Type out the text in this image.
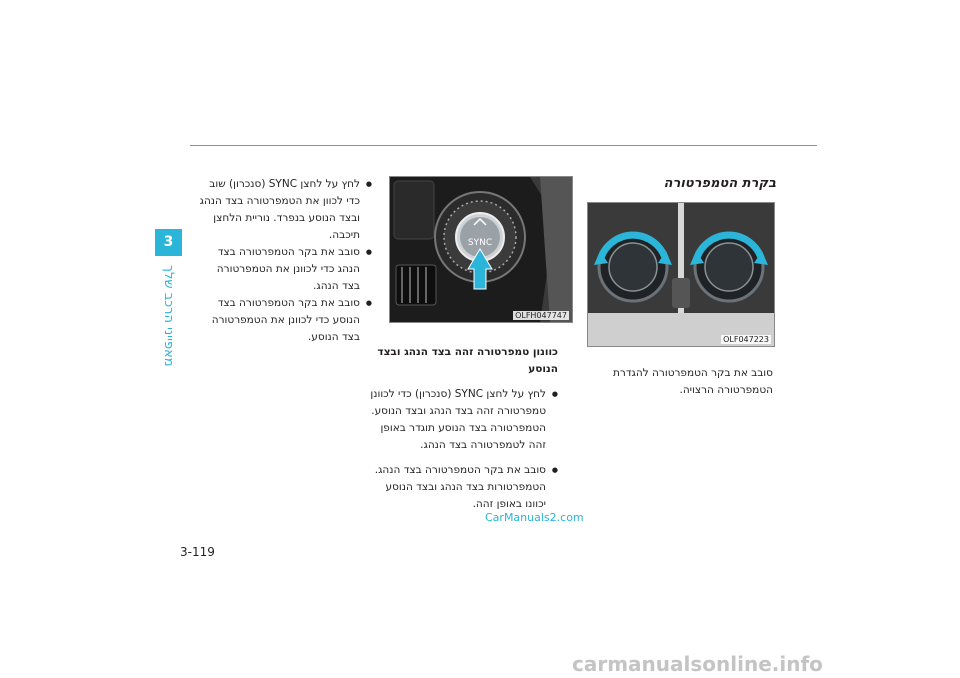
3
מאפייני הרכב שלך
● לחץ על לחצן SYNC (סנכרון) שוב כדי לכוון את הטמפרטורה בצד הנהג ובצד הנוסע בנפרד. נוריית הלחצן תיכבה.
● סובב את בקר הטמפרטורה בצד הנהג כדי לכוונן את הטמפרטורה בצד הנהג.
● סובב את בקר הטמפרטורה בצד הנוסע כדי לכוונן את הטמפרטורה בצד הנוסע.
SYNC
OLFH047747

כוונון טמפרטורה זהה בצד הנהג ובצד הנוסע

● לחץ על לחצן SYNC (סנכרון) כדי לכוונן טמפרטורה זהה בצד הנהג ובצד הנוסע. הטמפרטורה בצד הנוסע תוגדר באופן זהה לטמפרטורה בצד הנהג.
● סובב את בקר הטמפרטורה בצד הנהג. הטמפרטורות בצד הנהג ובצד הנוסע יכוונו באופן זהה.
בקרת הטמפרטורה
OLF047223

סובב את בקר הטמפרטורה להגדרת הטמפרטורה הרצויה.

3-119
CarManuals2.com
carmanualsonline.info
